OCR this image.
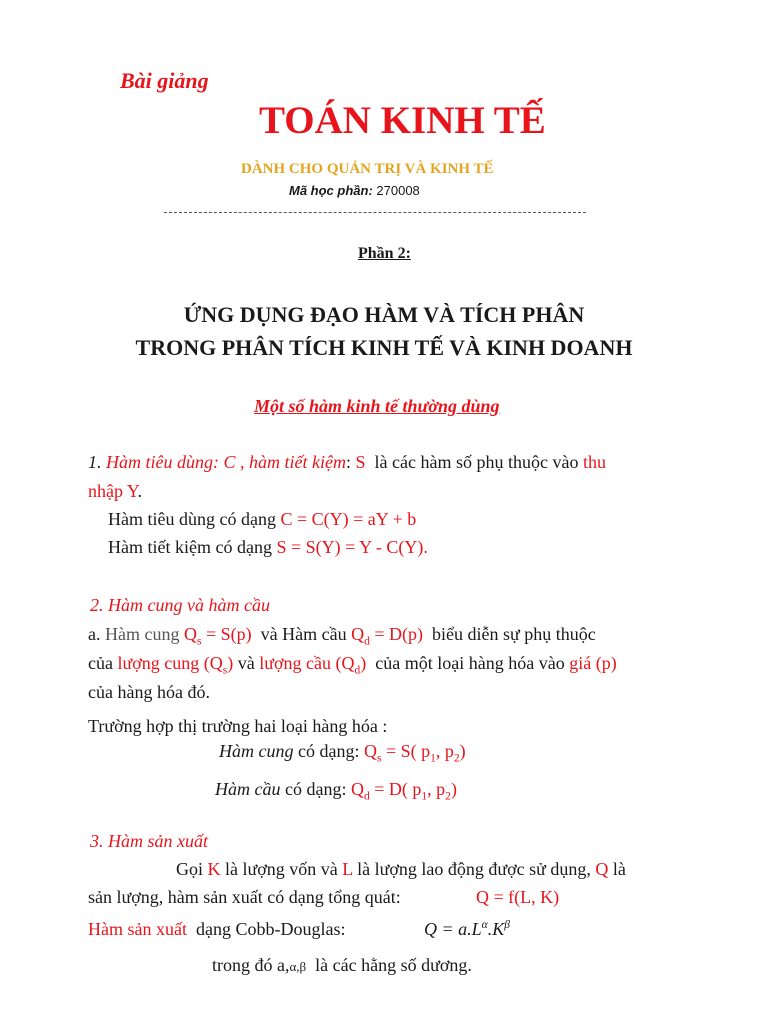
Bài giảng
TOÁN KINH TẾ
DÀNH CHO QUẢN TRỊ VÀ KINH TẾ
Mã học phần: 270008
Phần 2:
ỨNG DỤNG ĐẠO HÀM VÀ TÍCH PHÂN
TRONG PHÂN TÍCH KINH TẾ VÀ KINH DOANH
Một số hàm kinh tế thường dùng
1. Hàm tiêu dùng: C , hàm tiết kiệm: S là các hàm số phụ thuộc vào thu
nhập Y.
Hàm tiêu dùng có dạng C = C(Y) = aY + b
Hàm tiết kiệm có dạng S = S(Y) = Y - C(Y).
2. Hàm cung và hàm cầu
a. Hàm cung $Q_s = S(p)$ và Hàm cầu $Q_d = D(p)$ biểu diễn sự phụ thuộc
của lượng cung $(Q_s)$ và lượng cầu $(Q_d)$ của một loại hàng hóa vào giá (p)
của hàng hóa đó.
Trường hợp thị trường hai loại hàng hóa :
Hàm cung có dạng: $Q_s = S$( $p_1$, $p_2$)
Hàm cầu có dạng: $Q_d = D$( $p_1$, $p_2$)
3. Hàm sản xuất
Gọi K là lượng vốn và L là lượng lao động được sử dụng, Q là
sản lượng, hàm sản xuất có dạng tổng quát:	Q = f(L, K)
Hàm sản xuất dạng Cobb-Douglas:	$Q = a.L^\alpha.K^\beta$
trong đó a,α,β là các hằng số dương.
